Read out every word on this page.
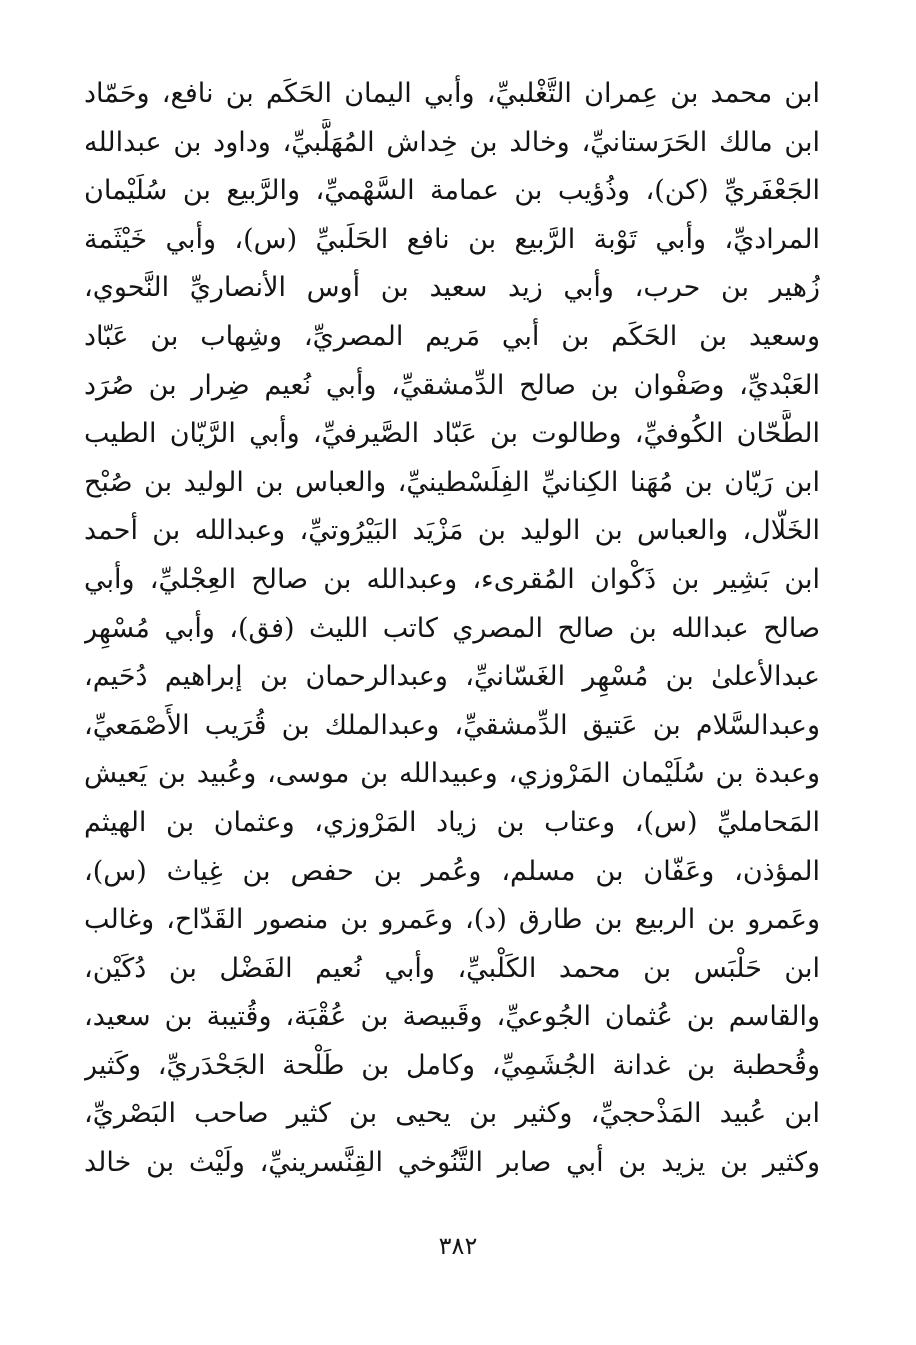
ابن محمد بن عِمران التَّغْلبيِّ، وأبي اليمان الحَكَم بن نافع، وحَمّاد
ابن مالك الحَرَستانيِّ، وخالد بن خِداش المُهَلَّبيِّ، وداود بن عبدالله
الجَعْفَريِّ (كن)، وذُؤيب بن عمامة السَّهْميِّ، والرَّبيع بن سُلَيْمان
المراديِّ، وأبي تَوْبة الرَّبيع بن نافع الحَلَبيِّ (س)، وأبي خَيْثَمة
زُهير بن حرب، وأبي زيد سعيد بن أوس الأنصاريِّ النَّحوي،
وسعيد بن الحَكَم بن أبي مَريم المصريِّ، وشِهاب بن عَبّاد
العَبْديِّ، وصَفْوان بن صالح الدِّمشقيِّ، وأبي نُعيم ضِرار بن صُرَد
الطَّحّان الكُوفيِّ، وطالوت بن عَبّاد الصَّيرفيِّ، وأبي الرَّيّان الطيب
ابن رَيّان بن مُهَنا الكِنانيِّ الفِلَسْطينيِّ، والعباس بن الوليد بن صُبْح
الخَلّال، والعباس بن الوليد بن مَزْيَد البَيْرُوتيِّ، وعبدالله بن أحمد
ابن بَشِير بن ذَكْوان المُقرىء، وعبدالله بن صالح العِجْليِّ، وأبي
صالح عبدالله بن صالح المصري كاتب الليث (فق)، وأبي مُسْهِر
عبدالأعلىٰ بن مُسْهِر الغَسّانيِّ، وعبدالرحمان بن إبراهيم دُحَيم،
وعبدالسَّلام بن عَتيق الدِّمشقيِّ، وعبدالملك بن قُرَيب الأَصْمَعيِّ،
وعبدة بن سُلَيْمان المَرْوزي، وعبيدالله بن موسى، وعُبيد بن يَعيش
المَحامليِّ (س)، وعتاب بن زياد المَرْوزي، وعثمان بن الهيثم
المؤذن، وعَفّان بن مسلم، وعُمر بن حفص بن غِياث (س)،
وعَمرو بن الربيع بن طارق (د)، وعَمرو بن منصور القَدّاح، وغالب
ابن حَلْبَس بن محمد الكَلْبيِّ، وأبي نُعيم الفَضْل بن دُكَيْن،
والقاسم بن عُثمان الجُوعيِّ، وقَبيصة بن عُقْبَة، وقُتيبة بن سعيد،
وقُحطبة بن غدانة الجُشَمِيِّ، وكامل بن طَلْحة الجَحْدَريِّ، وكَثير
ابن عُبيد المَذْحجيِّ، وكثير بن يحيى بن كثير صاحب البَصْريِّ،
وكثير بن يزيد بن أبي صابر التَّنُوخي القِنَّسرينيِّ، ولَيْث بن خالد
٣٨٢
